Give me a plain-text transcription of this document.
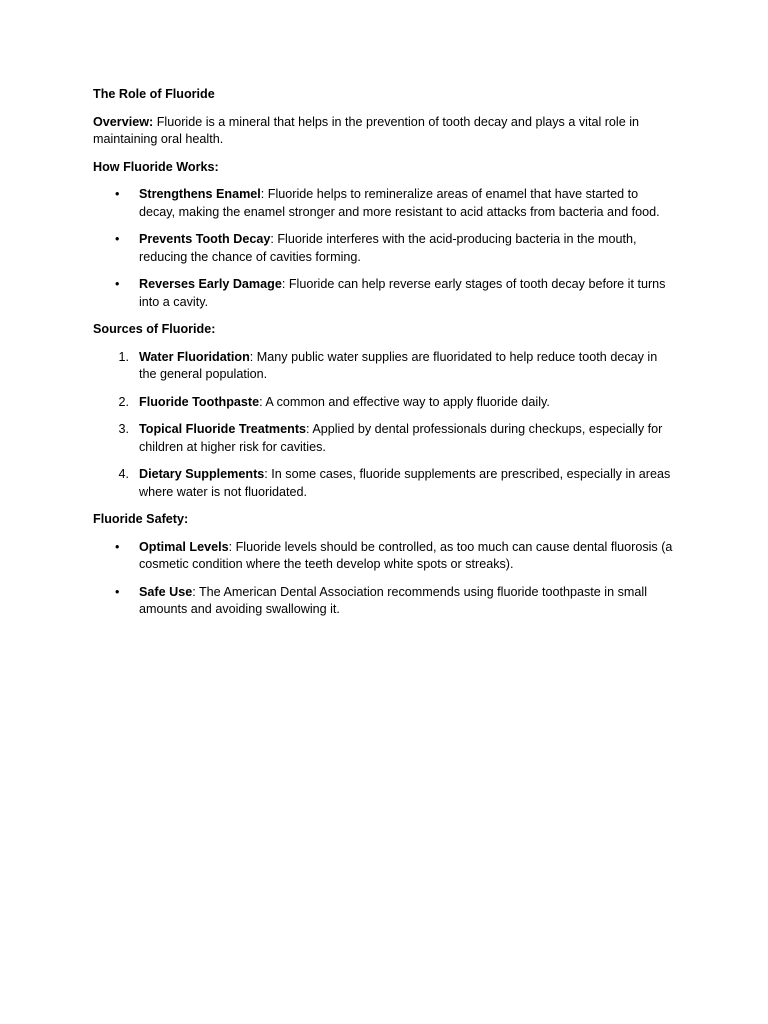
The Role of Fluoride

Overview: Fluoride is a mineral that helps in the prevention of tooth decay and plays a vital role in maintaining oral health.

How Fluoride Works:

• Strengthens Enamel: Fluoride helps to remineralize areas of enamel that have started to decay, making the enamel stronger and more resistant to acid attacks from bacteria and food.
• Prevents Tooth Decay: Fluoride interferes with the acid-producing bacteria in the mouth, reducing the chance of cavities forming.
• Reverses Early Damage: Fluoride can help reverse early stages of tooth decay before it turns into a cavity.

Sources of Fluoride:

1. Water Fluoridation: Many public water supplies are fluoridated to help reduce tooth decay in the general population.
2. Fluoride Toothpaste: A common and effective way to apply fluoride daily.
3. Topical Fluoride Treatments: Applied by dental professionals during checkups, especially for children at higher risk for cavities.
4. Dietary Supplements: In some cases, fluoride supplements are prescribed, especially in areas where water is not fluoridated.

Fluoride Safety:

• Optimal Levels: Fluoride levels should be controlled, as too much can cause dental fluorosis (a cosmetic condition where the teeth develop white spots or streaks).
• Safe Use: The American Dental Association recommends using fluoride toothpaste in small amounts and avoiding swallowing it.
